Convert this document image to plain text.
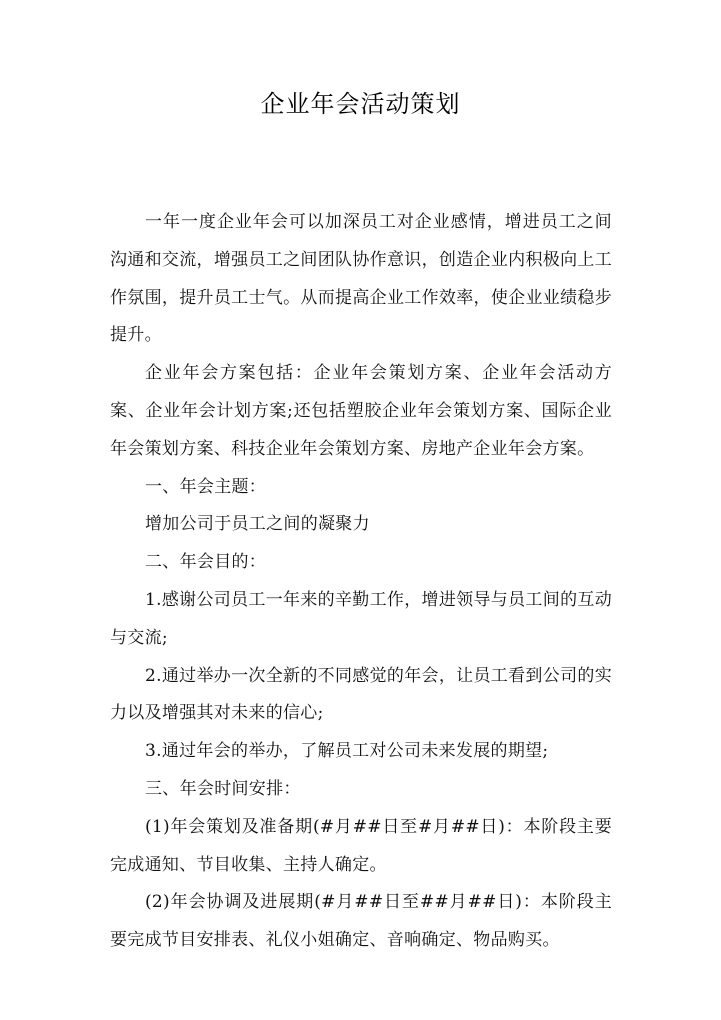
企业年会活动策划

一年一度企业年会可以加深员工对企业感情，增进员工之间沟通和交流，增强员工之间团队协作意识，创造企业内积极向上工作氛围，提升员工士气。从而提高企业工作效率，使企业业绩稳步提升。

企业年会方案包括：企业年会策划方案、企业年会活动方案、企业年会计划方案;还包括塑胶企业年会策划方案、国际企业年会策划方案、科技企业年会策划方案、房地产企业年会方案。

一、年会主题：

增加公司于员工之间的凝聚力

二、年会目的：

1.感谢公司员工一年来的辛勤工作，增进领导与员工间的互动与交流;

2.通过举办一次全新的不同感觉的年会，让员工看到公司的实力以及增强其对未来的信心;

3.通过年会的举办，了解员工对公司未来发展的期望;

三、年会时间安排：

(1)年会策划及准备期(#月##日至#月##日)：本阶段主要完成通知、节目收集、主持人确定。

(2)年会协调及进展期(#月##日至##月##日)：本阶段主要完成节目安排表、礼仪小姐确定、音响确定、物品购买。
